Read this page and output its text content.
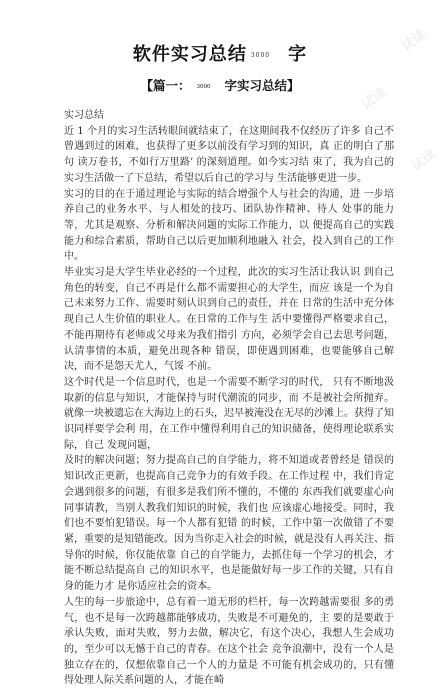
试读
试读
试读
软件实习总结 3000 字
【篇一： 3000 字实习总结】

实习总结

近 1 个月的实习生活转眼间就结束了，在这期间我不仅经历了许多 自己不曾遇到过的困难，也获得了更多以前没有学习到的知识，真 正的明白了那句 读万卷书，不如行万里路’ 的深刻道理。如今实习结 束了，我为自己的实习生活做一了下总结，希望以后自己的学习与 生活能够更进一步。

实习的目的在于通过理论与实际的结合增强个人与社会的沟通，进 一步培养自己的业务水平、与人相处的技巧、团队协作精神、待人 处事的能力等，尤其是观察、分析和解决问题的实际工作能力，以 便提高自己的实践能力和综合素质，帮助自己以后更加顺利地融入 社会，投入到自己的工作中。

毕业实习是大学生毕业必经的一个过程，此次的实习生活让我认识 到自己角色的转变，自己不再是什么都不需要担心的大学生，而应 该是一个为自己未来努力工作、需要时刻认识到自己的责任，并在 日常的生活中充分体现自己人生价值的职业人。在日常的工作与生 活中要懂得严格要求自己，不能再期待有老师或父母来为我们指引 方向，必须学会自己去思考问题，认清事情的本质，避免出现各种 错误，即使遇到困难，也要能够自己解决，而不是怨天尤人，气馁 不前。

这个时代是一个信息时代，也是一个需要不断学习的时代， 只有不断地汲取新的信息与知识，才能保持与时代潮流的同步，而 不是被社会所抛弃。就像一块被遗忘在大海边上的石头，迟早被淹没在无尽的沙滩上。获得了知识同样要学会利 用，在工作中懂得利用自己的知识储备，使得理论联系实际，自己 发现问题，

及时的解决问题；努力提高自己的自学能力，将不知道或者曾经是 错误的知识改正更新，也提高自己竞争力的有效手段。在工作过程 中，我们肯定会遇到很多的问题，有很多是我们所不懂的，不懂的 东西我们就要虚心向同事请教，当别人教我们知识的时候，我们也 应该虚心地接受。同时，我们也不要怕犯错误。每一个人都有犯错 的时候，工作中第一次做错了不要紧，重要的是知错能改。因为当你走入社会的时候，就是没有人再关注、指导你的时候，你仅能依靠 自己的自学能力，去抓住每一个学习的机会，才能不断总结提高自 己的知识水平，也是能做好每一步工作的关键，只有自身的能力才 是你适应社会的资本。

人生的每一步旅途中，总有着一道无形的栏杆，每一次跨越需要很 多的勇气，也不是每一次跨越都能够成功，失败是不可避免的，主 要的是要敢于承认失败，面对失败，努力去做，解决它，有这个决心，我想人生会成功的，至少可以无憾于自己的青春。在这个社会 竞争浪潮中，没有一个人是独立存在的，仅想依靠自己一个人的力量是 不可能有机会成功的，只有懂得处理人际关系问题的人，才能在崎
